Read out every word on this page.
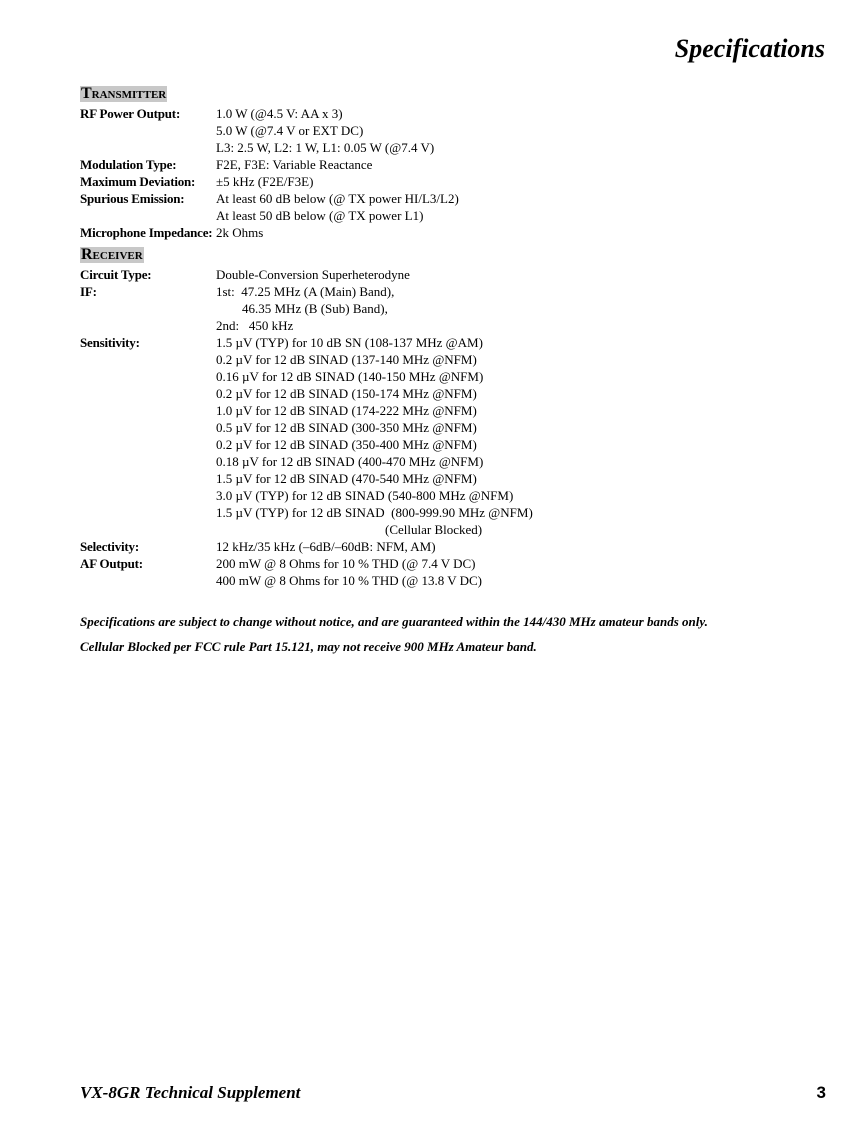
Specifications
Transmitter
RF Power Output:	1.0 W (@4.5 V: AA x 3)
5.0 W (@7.4 V or EXT DC)
L3: 2.5 W, L2: 1 W, L1: 0.05 W (@7.4 V)
Modulation Type:	F2E, F3E: Variable Reactance
Maximum Deviation: ±5 kHz (F2E/F3E)
Spurious Emission: At least 60 dB below (@ TX power HI/L3/L2)
At least 50 dB below (@ TX power L1)
Microphone Impedance: 2k Ohms
Receiver
Circuit Type:	Double-Conversion Superheterodyne
IF:	1st:  47.25 MHz (A (Main) Band),
46.35 MHz (B (Sub) Band),
2nd:   450 kHz
Sensitivity:	1.5 µV (TYP) for 10 dB SN (108-137 MHz @AM)
0.2 µV for 12 dB SINAD (137-140 MHz @NFM)
0.16 µV for 12 dB SINAD (140-150 MHz @NFM)
0.2 µV for 12 dB SINAD (150-174 MHz @NFM)
1.0 µV for 12 dB SINAD (174-222 MHz @NFM)
0.5 µV for 12 dB SINAD (300-350 MHz @NFM)
0.2 µV for 12 dB SINAD (350-400 MHz @NFM)
0.18 µV for 12 dB SINAD (400-470 MHz @NFM)
1.5 µV for 12 dB SINAD (470-540 MHz @NFM)
3.0 µV (TYP) for 12 dB SINAD (540-800 MHz @NFM)
1.5 µV (TYP) for 12 dB SINAD  (800-999.90 MHz @NFM)
(Cellular Blocked)
Selectivity:	12 kHz/35 kHz (–6dB/–60dB: NFM, AM)
AF Output:	200 mW @ 8 Ohms for 10 % THD (@ 7.4 V DC)
400 mW @ 8 Ohms for 10 % THD (@ 13.8 V DC)
Specifications are subject to change without notice, and are guaranteed within the 144/430 MHz amateur bands only.
Cellular Blocked per FCC rule Part 15.121, may not receive 900 MHz Amateur band.
VX-8GR Technical Supplement	3
